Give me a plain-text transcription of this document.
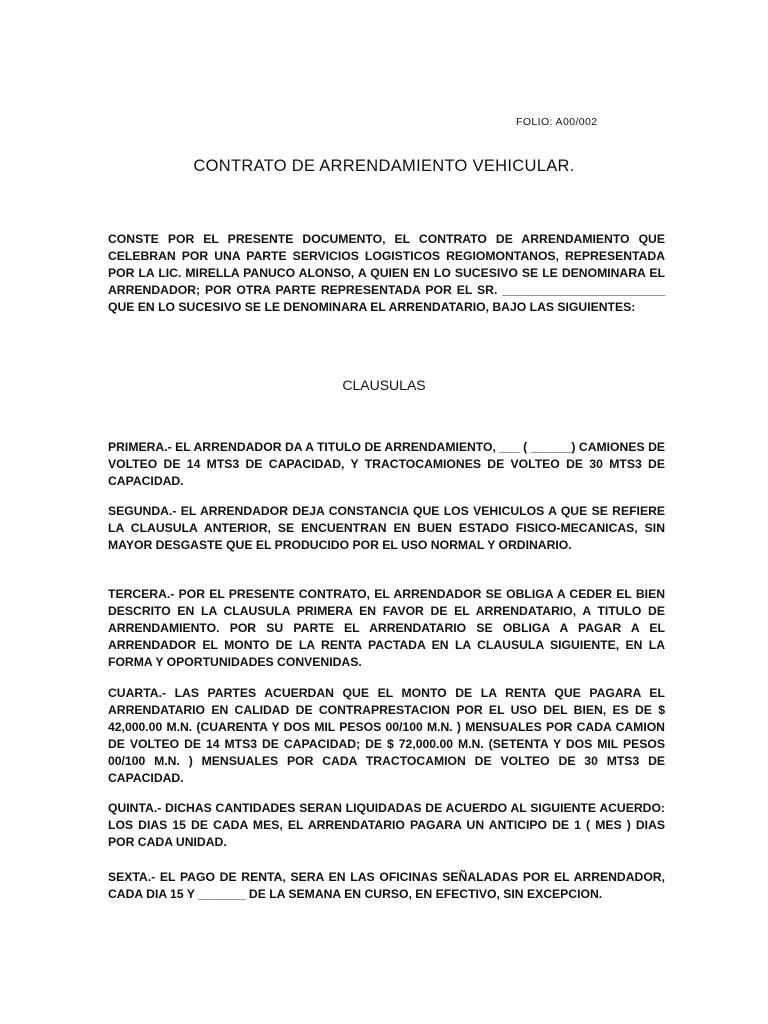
FOLIO: A00/002
CONTRATO DE ARRENDAMIENTO VEHICULAR.

CONSTE POR EL PRESENTE DOCUMENTO, EL CONTRATO DE ARRENDAMIENTO QUE CELEBRAN POR UNA PARTE SERVICIOS LOGISTICOS REGIOMONTANOS, REPRESENTADA POR LA LIC. MIRELLA PANUCO ALONSO, A QUIEN EN LO SUCESIVO SE LE DENOMINARA EL ARRENDADOR; POR OTRA PARTE REPRESENTADA POR EL SR. ________________________ QUE EN LO SUCESIVO SE LE DENOMINARA EL ARRENDATARIO, BAJO LAS SIGUIENTES:

CLAUSULAS

PRIMERA.- EL ARRENDADOR DA A TITULO DE ARRENDAMIENTO, ___ ( ______) CAMIONES DE VOLTEO DE 14 MTS3 DE CAPACIDAD, Y TRACTOCAMIONES DE VOLTEO DE 30 MTS3 DE CAPACIDAD.

SEGUNDA.- EL ARRENDADOR DEJA CONSTANCIA QUE LOS VEHICULOS A QUE SE REFIERE LA CLAUSULA ANTERIOR, SE ENCUENTRAN EN BUEN ESTADO FISICO-MECANICAS, SIN MAYOR DESGASTE QUE EL PRODUCIDO POR EL USO NORMAL Y ORDINARIO.

TERCERA.- POR EL PRESENTE CONTRATO, EL ARRENDADOR SE OBLIGA A CEDER EL BIEN DESCRITO EN LA CLAUSULA PRIMERA EN FAVOR DE EL ARRENDATARIO, A TITULO DE ARRENDAMIENTO. POR SU PARTE EL ARRENDATARIO SE OBLIGA A PAGAR A EL ARRENDADOR EL MONTO DE LA RENTA PACTADA EN LA CLAUSULA SIGUIENTE, EN LA FORMA Y OPORTUNIDADES CONVENIDAS.

CUARTA.- LAS PARTES ACUERDAN QUE EL MONTO DE LA RENTA QUE PAGARA EL ARRENDATARIO EN CALIDAD DE CONTRAPRESTACION POR EL USO DEL BIEN, ES DE $ 42,000.00 M.N. (CUARENTA Y DOS MIL PESOS 00/100 M.N. ) MENSUALES POR CADA CAMION DE VOLTEO DE 14 MTS3 DE CAPACIDAD; DE $ 72,000.00 M.N. (SETENTA Y DOS MIL PESOS 00/100 M.N. ) MENSUALES POR CADA TRACTOCAMION DE VOLTEO DE 30 MTS3 DE CAPACIDAD.

QUINTA.- DICHAS CANTIDADES SERAN LIQUIDADAS DE ACUERDO AL SIGUIENTE ACUERDO: LOS DIAS 15 DE CADA MES, EL ARRENDATARIO PAGARA UN ANTICIPO DE 1 ( MES ) DIAS POR CADA UNIDAD.

SEXTA.- EL PAGO DE RENTA, SERA EN LAS OFICINAS SEÑALADAS POR EL ARRENDADOR, CADA DIA 15 Y _______ DE LA SEMANA EN CURSO, EN EFECTIVO, SIN EXCEPCION.
